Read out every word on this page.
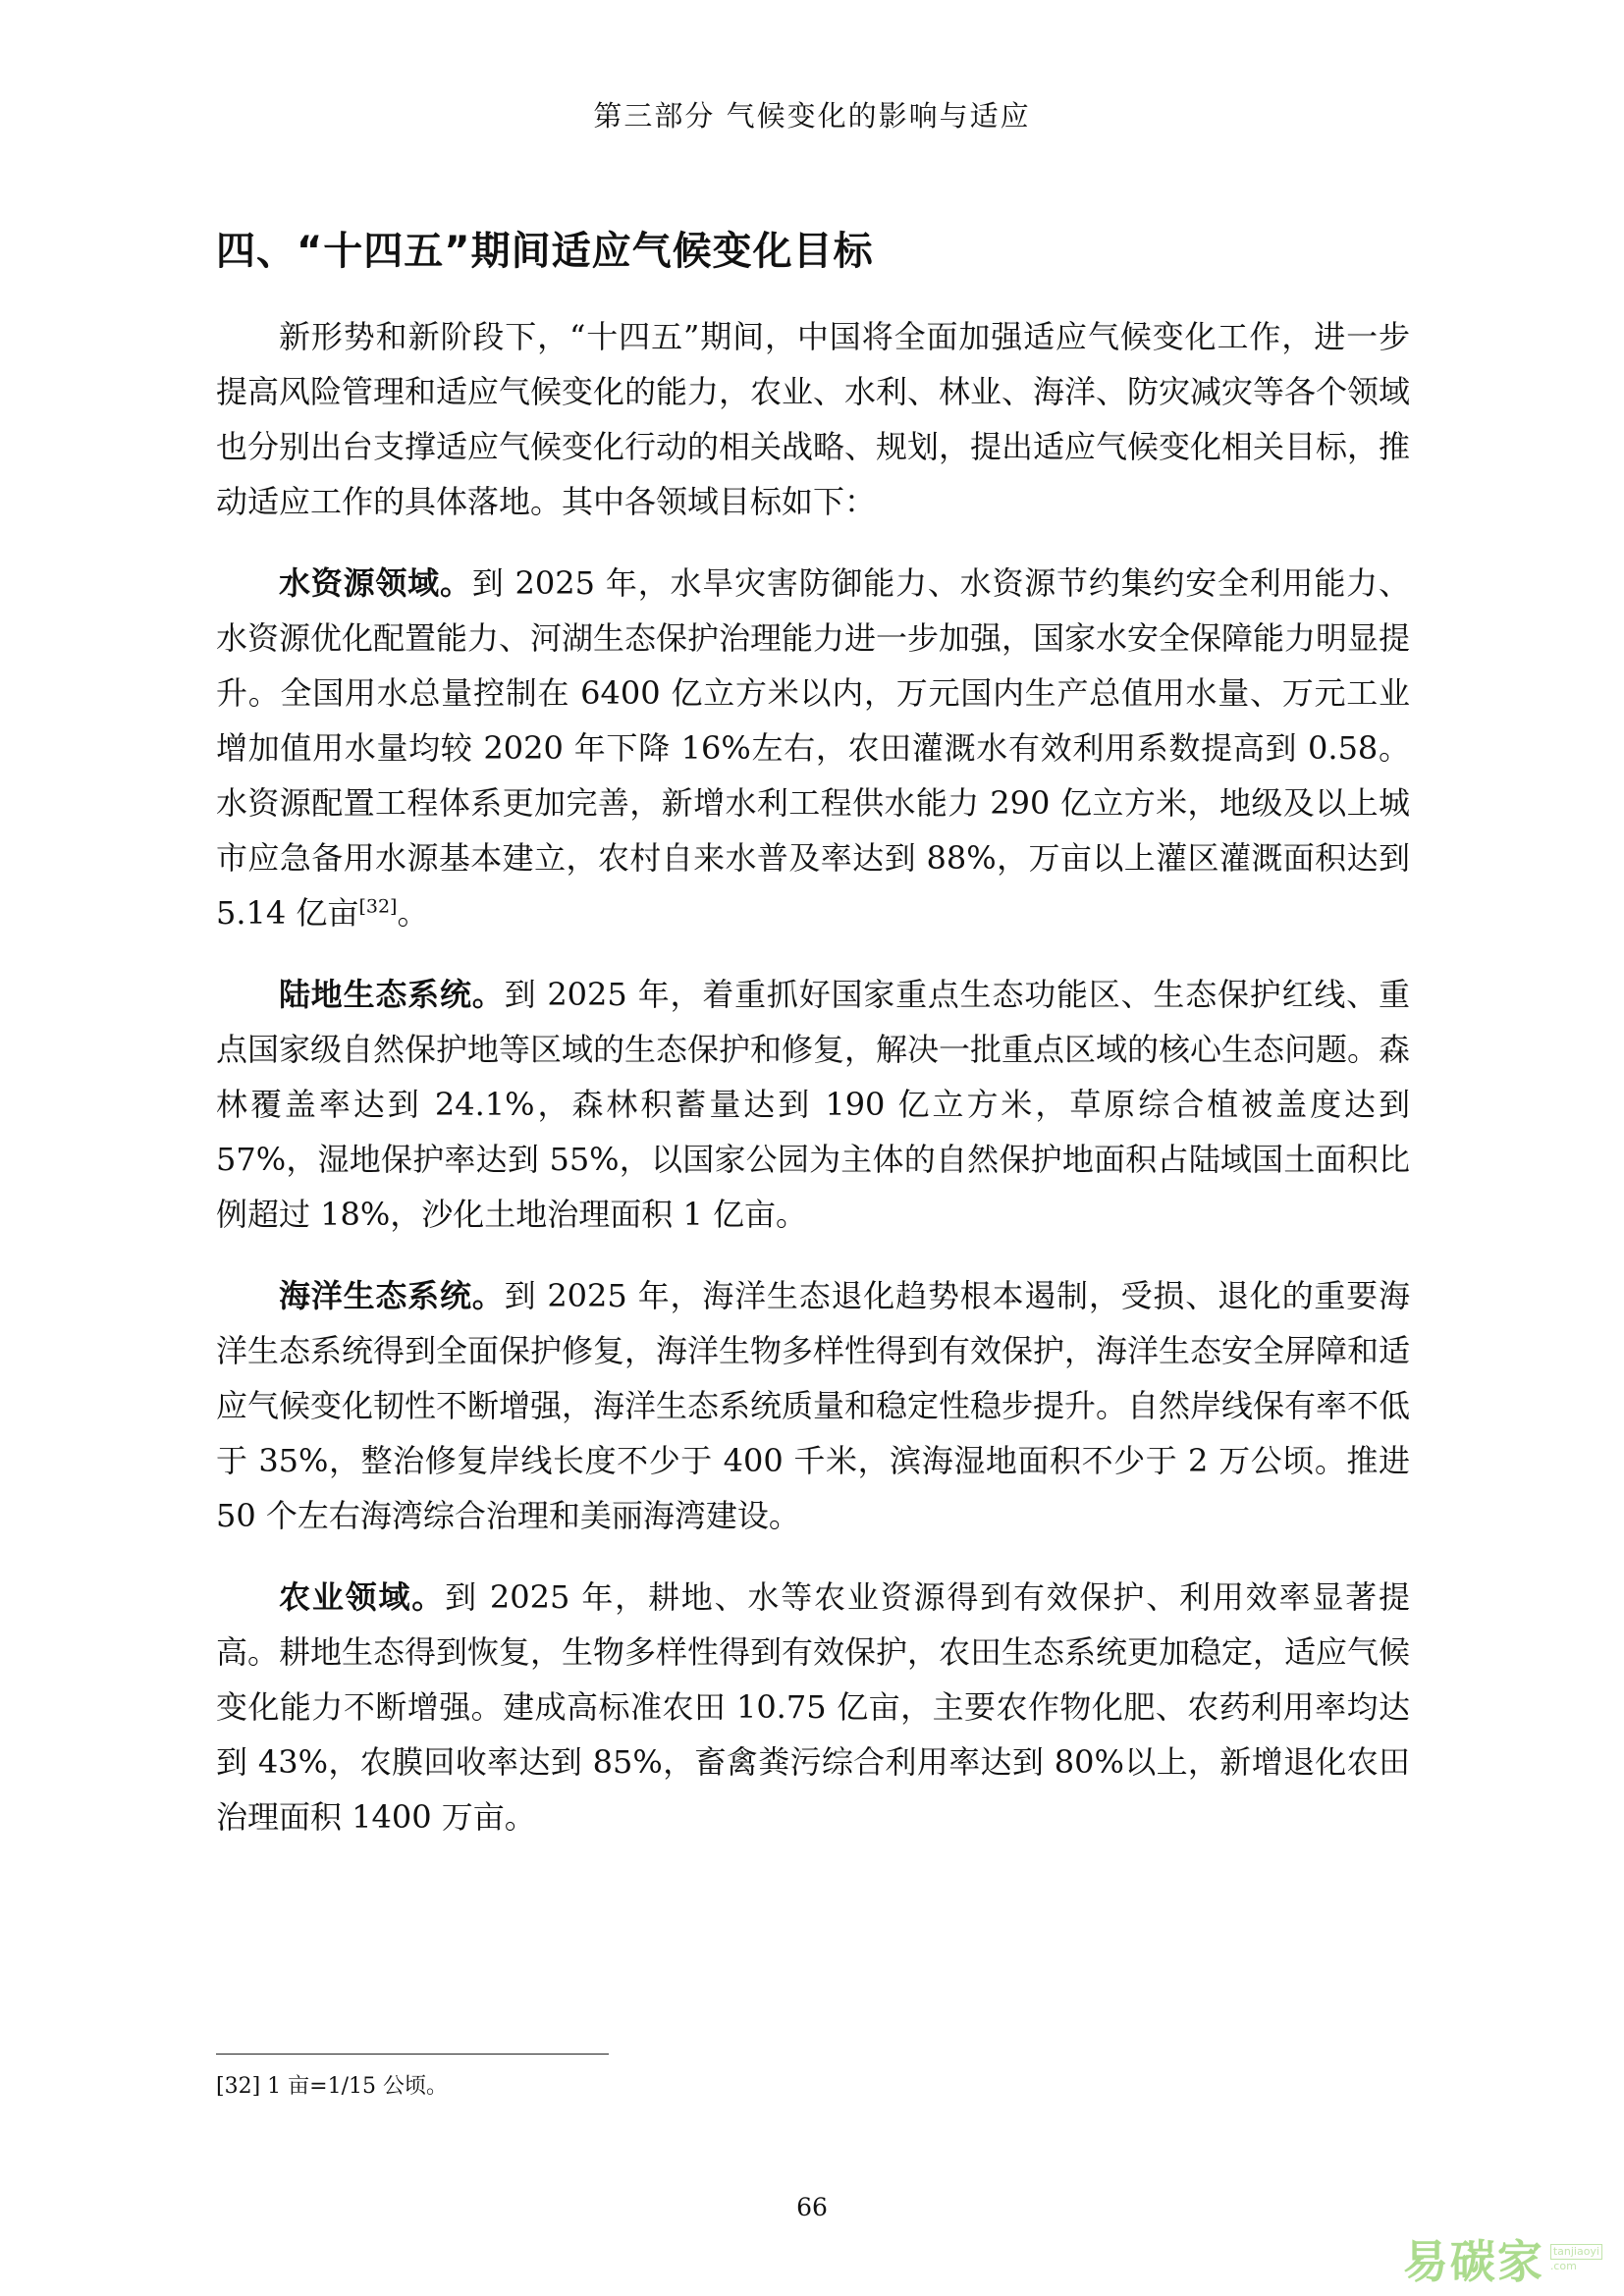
第三部分 气候变化的影响与适应
四、“十四五”期间适应气候变化目标

新形势和新阶段下，“十四五”期间，中国将全面加强适应气候变化工作，进一步提高风险管理和适应气候变化的能力，农业、水利、林业、海洋、防灾减灾等各个领域也分别出台支撑适应气候变化行动的相关战略、规划，提出适应气候变化相关目标，推动适应工作的具体落地。其中各领域目标如下：

水资源领域。到 2025 年，水旱灾害防御能力、水资源节约集约安全利用能力、水资源优化配置能力、河湖生态保护治理能力进一步加强，国家水安全保障能力明显提升。全国用水总量控制在 6400 亿立方米以内，万元国内生产总值用水量、万元工业增加值用水量均较 2020 年下降 16%左右，农田灌溉水有效利用系数提高到 0.58。水资源配置工程体系更加完善，新增水利工程供水能力 290 亿立方米，地级及以上城市应急备用水源基本建立，农村自来水普及率达到 88%，万亩以上灌区灌溉面积达到 5.14 亿亩[32]。

陆地生态系统。到 2025 年，着重抓好国家重点生态功能区、生态保护红线、重点国家级自然保护地等区域的生态保护和修复，解决一批重点区域的核心生态问题。森林覆盖率达到 24.1%，森林积蓄量达到 190 亿立方米，草原综合植被盖度达到 57%，湿地保护率达到 55%，以国家公园为主体的自然保护地面积占陆域国土面积比例超过 18%，沙化土地治理面积 1 亿亩。

海洋生态系统。到 2025 年，海洋生态退化趋势根本遏制，受损、退化的重要海洋生态系统得到全面保护修复，海洋生物多样性得到有效保护，海洋生态安全屏障和适应气候变化韧性不断增强，海洋生态系统质量和稳定性稳步提升。自然岸线保有率不低于 35%，整治修复岸线长度不少于 400 千米，滨海湿地面积不少于 2 万公顷。推进 50 个左右海湾综合治理和美丽海湾建设。

农业领域。到 2025 年，耕地、水等农业资源得到有效保护、利用效率显著提高。耕地生态得到恢复，生物多样性得到有效保护，农田生态系统更加稳定，适应气候变化能力不断增强。建成高标准农田 10.75 亿亩，主要农作物化肥、农药利用率均达到 43%，农膜回收率达到 85%，畜禽粪污综合利用率达到 80%以上，新增退化农田治理面积 1400 万亩。

[32] 1 亩=1/15 公顷。
66
易碳家 tanjiaoyi
.com
